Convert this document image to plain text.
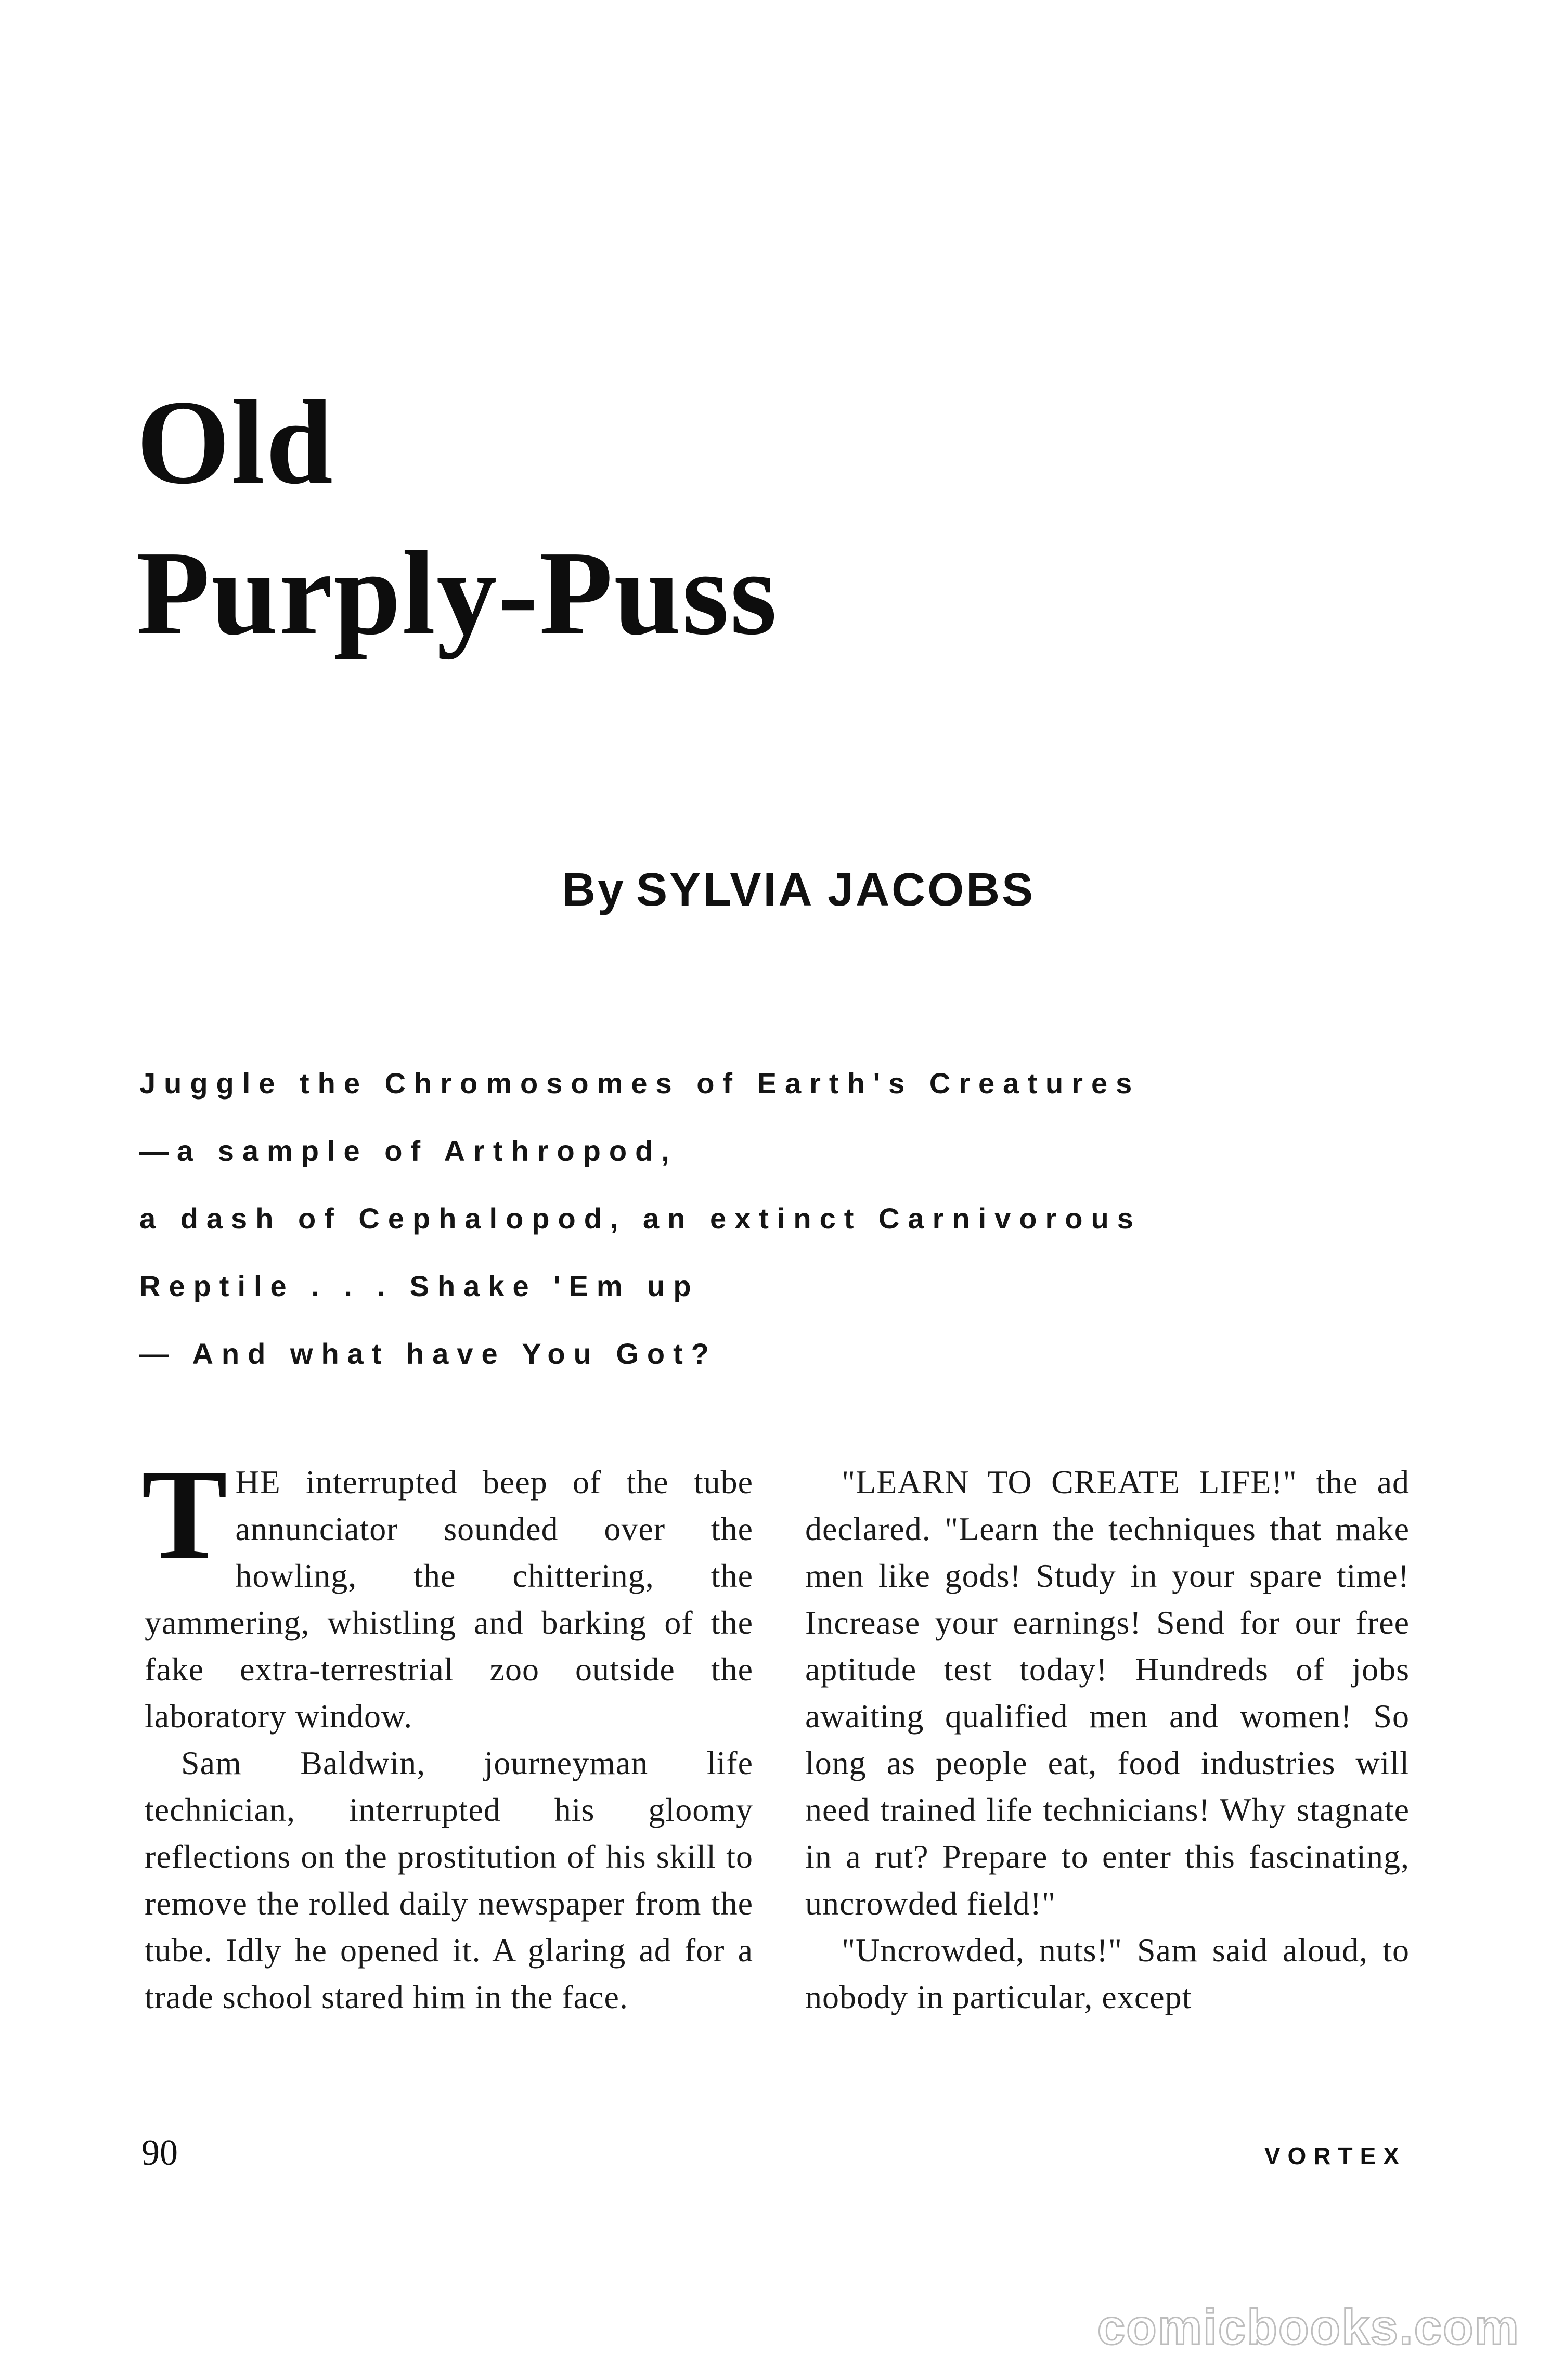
Old
Purply-Puss
By SYLVIA JACOBS
Juggle the Chromosomes of Earth's Creatures
—a sample of Arthropod,
a dash of Cephalopod, an extinct Carnivorous
Reptile . . . Shake 'Em up
— And what have You Got?

THE interrupted beep of the tube annunciator sounded over the howling, the chittering, the yammering, whistling and barking of the fake extra-terrestrial zoo outside the laboratory window.

Sam Baldwin, journeyman life technician, interrupted his gloomy reflections on the prostitution of his skill to remove the rolled daily newspaper from the tube. Idly he opened it. A glaring ad for a trade school stared him in the face.

"LEARN TO CREATE LIFE!" the ad declared. "Learn the techniques that make men like gods! Study in your spare time! Increase your earnings! Send for our free aptitude test today! Hundreds of jobs awaiting qualified men and women! So long as people eat, food industries will need trained life technicians! Why stagnate in a rut? Prepare to enter this fascinating, uncrowded field!"

"Uncrowded, nuts!" Sam said aloud, to nobody in particular, except

90	VORTEX
comicbooks.com
